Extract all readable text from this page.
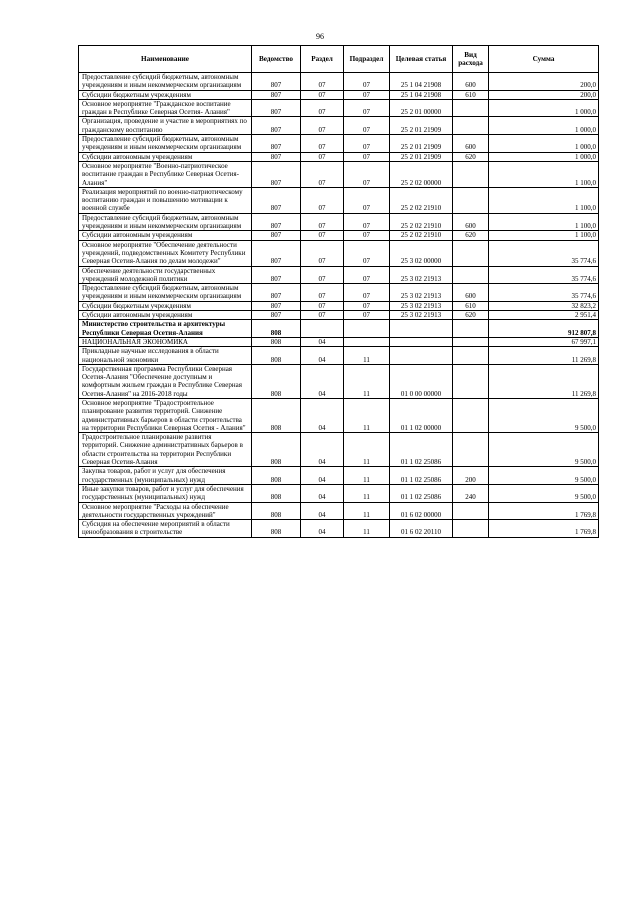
96
Наименование	Ведомство	Раздел	Подраздел	Целевая статья	Вид расхода	Сумма
Предоставление субсидий бюджетным, автономным учреждениям и иным некоммерческим организациям	807	07	07	25 1 04 21908	600	200,0
Субсидии бюджетным учреждениям	807	07	07	25 1 04 21908	610	200,0
Основное мероприятие "Гражданское воспитание граждан в Республике Северная Осетия- Алания"	807	07	07	25 2 01 00000		1 000,0
Организация, проведение и участие в мероприятиях по гражданскому воспитанию	807	07	07	25 2 01 21909		1 000,0
Предоставление субсидий бюджетным, автономным учреждениям и иным некоммерческим организациям	807	07	07	25 2 01 21909	600	1 000,0
Субсидии автономным учреждениям	807	07	07	25 2 01 21909	620	1 000,0
Основное мероприятие "Военно-патриотическое воспитание граждан в Республике Северная Осетия- Алания"	807	07	07	25 2 02 00000		1 100,0
Реализация мероприятий по военно-патриотическому воспитанию граждан и повышению мотивации к военной службе	807	07	07	25 2 02 21910		1 100,0
Предоставление субсидий бюджетным, автономным учреждениям и иным некоммерческим организациям	807	07	07	25 2 02 21910	600	1 100,0
Субсидии автономным учреждениям	807	07	07	25 2 02 21910	620	1 100,0
Основное мероприятие "Обеспечение деятельности учреждений, подведомственных Комитету Республики Северная Осетия-Алания по делам молодежи"	807	07	07	25 3 02 00000		35 774,6
Обеспечение деятельности государственных учреждений молодежной политики	807	07	07	25 3 02 21913		35 774,6
Предоставление субсидий бюджетным, автономным учреждениям и иным некоммерческим организациям	807	07	07	25 3 02 21913	600	35 774,6
Субсидии бюджетным учреждениям	807	07	07	25 3 02 21913	610	32 823,2
Субсидии автономным учреждениям	807	07	07	25 3 02 21913	620	2 951,4
Министерство строительства и архитектуры Республики Северная Осетия-Алания	808					912 807,8
НАЦИОНАЛЬНАЯ ЭКОНОМИКА	808	04				67 997,1
Прикладные научные исследования в области национальной экономики	808	04	11			11 269,8
Государственная программа Республики Северная Осетия-Алания "Обеспечение доступным и комфортным жильем граждан в Республике Северная Осетия-Алания" на 2016-2018 годы	808	04	11	01 0 00 00000		11 269,8
Основное мероприятие "Градостроительное планирование развития территорий. Снижение административных барьеров в области строительства на территории Республики Северная Осетия - Алания"	808	04	11	01 1 02 00000		9 500,0
Градостроительное планирование развития территорий. Снижение административных барьеров в области строительства на территории Республики Северная Осетия-Алания	808	04	11	01 1 02 25086		9 500,0
Закупка товаров, работ и услуг для обеспечения государственных (муниципальных) нужд	808	04	11	01 1 02 25086	200	9 500,0
Иные закупки товаров, работ и услуг для обеспечения государственных (муниципальных) нужд	808	04	11	01 1 02 25086	240	9 500,0
Основное мероприятие "Расходы на обеспечение деятельности государственных учреждений"	808	04	11	01 6 02 00000		1 769,8
Субсидия на обеспечение мероприятий в области ценообразования в строительстве	808	04	11	01 6 02 20110		1 769,8
